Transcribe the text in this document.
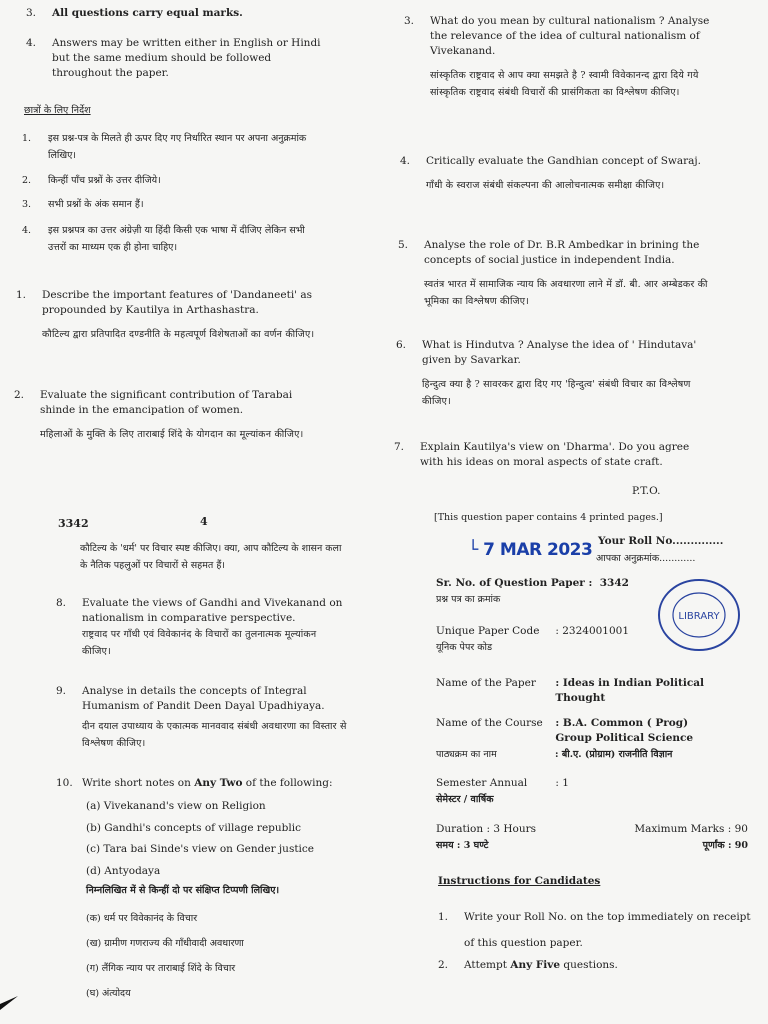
3.	All questions carry equal marks.
4.	Answers may be written either in English or Hindi but the same medium should be followed throughout the paper.
छात्रों के लिए निर्देश
1.	इस प्रश्न-पत्र के मिलते ही ऊपर दिए गए निर्धारित स्थान पर अपना अनुक्रमांक लिखिए।
2.	किन्हीं पाँच प्रश्नों के उत्तर दीजिये।
3.	सभी प्रश्नों के अंक समान हैं।
4.	इस प्रश्नपत्र का उत्तर अंग्रेज़ी या हिंदी किसी एक भाषा में दीजिए लेकिन सभी उत्तरों का माध्यम एक ही होना चाहिए।
1.	Describe the important features of 'Dandaneeti' as propounded by Kautilya in Arthashastra.
कौटिल्य द्वारा प्रतिपादित दण्डनीति के महत्वपूर्ण विशेषताओं का वर्णन कीजिए।
2.	Evaluate the significant contribution of Tarabai shinde in the emancipation of women.
महिलाओं के मुक्ति के लिए ताराबाई शिंदे के योगदान का मूल्यांकन कीजिए।
3.	What do you mean by cultural nationalism ? Analyse the relevance of the idea of cultural nationalism of Vivekanand.
सांस्कृतिक राष्ट्रवाद से आप क्या समझते है ? स्वामी विवेकानन्द द्वारा दिये गये सांस्कृतिक राष्ट्रवाद संबंधी विचारों की प्रासंगिकता का विश्लेषण कीजिए।
4.	Critically evaluate the Gandhian concept of Swaraj.
गाँधी के स्वराज संबंधी संकल्पना की आलोचनात्मक समीक्षा कीजिए।
5.	Analyse the role of Dr. B.R Ambedkar in brining the concepts of social justice in independent India.
स्वतंत्र भारत में सामाजिक न्याय कि अवधारणा लाने में डॉ. बी. आर अम्बेडकर की भूमिका का विश्लेषण कीजिए।
6.	What is Hindutva ? Analyse the idea of ' Hindutava' given by Savarkar.
हिन्दुत्व क्या है ? सावरकर द्वारा दिए गए 'हिन्दुत्व' संबंधी विचार का विश्लेषण कीजिए।
7.	Explain Kautilya's view on 'Dharma'. Do you agree with his ideas on moral aspects of state craft.
P.T.O.
3342	4
कौटिल्य के 'धर्म' पर विचार स्पष्ट कीजिए। क्या, आप कौटिल्य के शासन कला के नैतिक पहलुओं पर विचारों से सहमत हैं।
8.	Evaluate the views of Gandhi and Vivekanand on nationalism in comparative perspective.
राष्ट्रवाद पर गाँधी एवं विवेकानंद के विचारों का तुलनात्मक मूल्यांकन कीजिए।
9.	Analyse in details the concepts of Integral Humanism of Pandit Deen Dayal Upadhiyaya.
दीन दयाल उपाध्याय के एकात्मक मानववाद संबंधी अवधारणा का विस्तार से विश्लेषण कीजिए।
10. Write short notes on Any Two of the following:
(a) Vivekanand's view on Religion
(b) Gandhi's concepts of village republic
(c) Tara bai Sinde's view on Gender justice
(d) Antyodaya
निम्नलिखित में से किन्हीं दो पर संक्षिप्त टिप्पणी लिखिए।
(क) धर्म पर विवेकानंद के विचार
(ख) ग्रामीण गणराज्य की गाँधीवादी अवधारणा
(ग) लैंगिक न्याय पर ताराबाई शिंदे के विचार
(घ) अंत्योदय
[This question paper contains 4 printed pages.]
Your Roll No..............
आपका अनुक्रमांक............
Sr. No. of Question Paper : 3342
प्रश्न पत्र का क्रमांक
Unique Paper Code : 2324001001
यूनिक पेपर कोड
Name of the Paper : Ideas in Indian Political Thought
Name of the Course : B.A. Common ( Prog) Group Political Science
पाठ्यक्रम का नाम	: बी.ए. (प्रोग्राम) राजनीति विज्ञान
Semester Annual	: 1
सेमेस्टर / वार्षिक
Duration : 3 Hours
समय : 3 घण्टे
Maximum Marks : 90
पूर्णांक : 90
Instructions for Candidates
1.	Write your Roll No. on the top immediately on receipt of this question paper.
2.	Attempt Any Five questions.
└ 7 MAR 2023
LIBRARY
